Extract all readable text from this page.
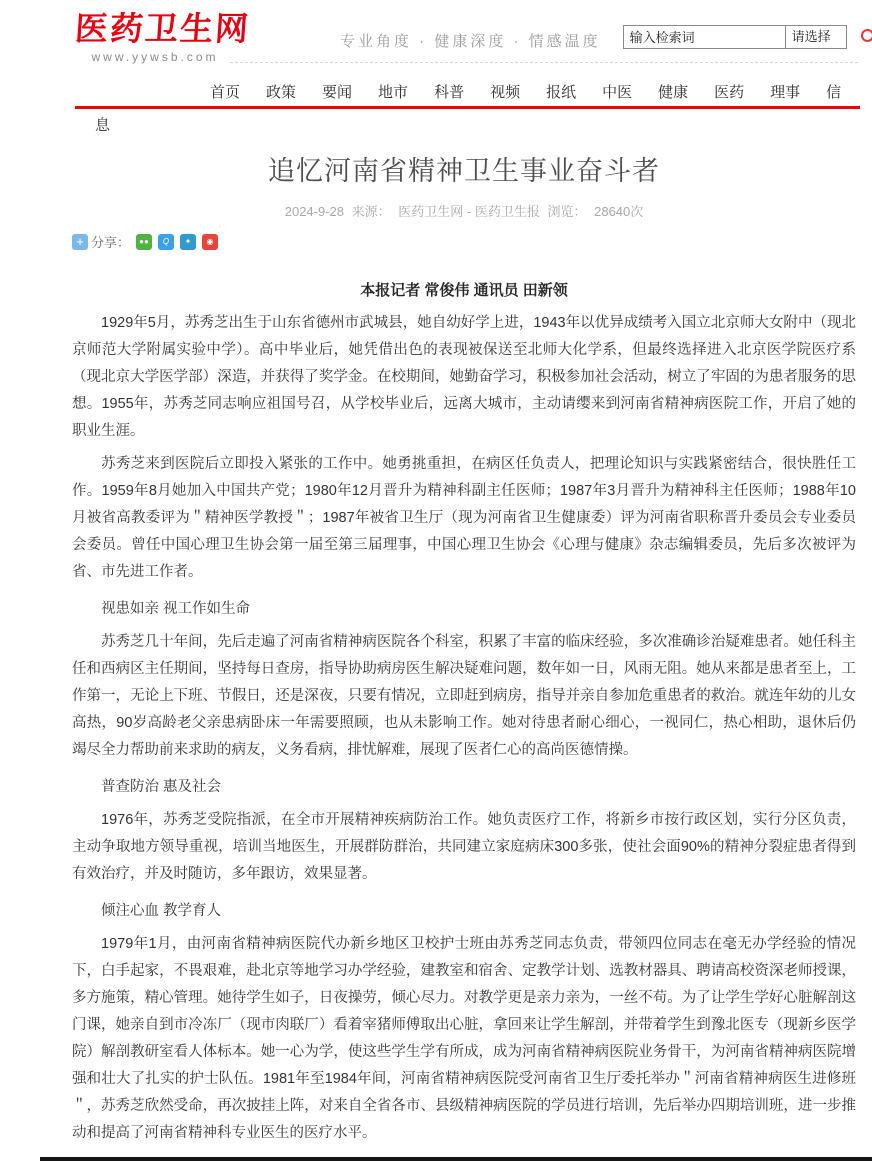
医药卫生网
www.yywsb.com
专业角度 · 健康深度 · 情感温度
输入检索词	请选择
首页 政策 要闻 地市 科普 视频 报纸 中医 健康 医药 理事 信息
追忆河南省精神卫生事业奋斗者
2024-9-28 来源： 医药卫生网 - 医药卫生报 浏览： 28640次
+ 分享： ●● Q ✦ ◉
本报记者 常俊伟 通讯员 田新领

1929年5月，苏秀芝出生于山东省德州市武城县，她自幼好学上进，1943年以优异成绩考入国立北京师大女附中（现北京师范大学附属实验中学）。高中毕业后，她凭借出色的表现被保送至北师大化学系，但最终选择进入北京医学院医疗系（现北京大学医学部）深造，并获得了奖学金。在校期间，她勤奋学习，积极参加社会活动，树立了牢固的为患者服务的思想。1955年，苏秀芝同志响应祖国号召，从学校毕业后，远离大城市，主动请缨来到河南省精神病医院工作，开启了她的职业生涯。

苏秀芝来到医院后立即投入紧张的工作中。她勇挑重担，在病区任负责人，把理论知识与实践紧密结合，很快胜任工作。1959年8月她加入中国共产党；1980年12月晋升为精神科副主任医师；1987年3月晋升为精神科主任医师；1988年10月被省高教委评为＂精神医学教授＂；1987年被省卫生厅（现为河南省卫生健康委）评为河南省职称晋升委员会专业委员会委员。曾任中国心理卫生协会第一届至第三届理事，中国心理卫生协会《心理与健康》杂志编辑委员，先后多次被评为省、市先进工作者。

视患如亲 视工作如生命

苏秀芝几十年间，先后走遍了河南省精神病医院各个科室，积累了丰富的临床经验，多次准确诊治疑难患者。她任科主任和西病区主任期间，坚持每日查房，指导协助病房医生解决疑难问题，数年如一日，风雨无阻。她从来都是患者至上，工作第一，无论上下班、节假日，还是深夜，只要有情况，立即赶到病房，指导并亲自参加危重患者的救治。就连年幼的儿女高热，90岁高龄老父亲患病卧床一年需要照顾，也从未影响工作。她对待患者耐心细心，一视同仁，热心相助，退休后仍竭尽全力帮助前来求助的病友，义务看病，排忧解难，展现了医者仁心的高尚医德情操。

普查防治 惠及社会

1976年，苏秀芝受院指派，在全市开展精神疾病防治工作。她负责医疗工作，将新乡市按行政区划，实行分区负责，主动争取地方领导重视，培训当地医生，开展群防群治，共同建立家庭病床300多张，使社会面90%的精神分裂症患者得到有效治疗，并及时随访，多年跟访，效果显著。

倾注心血 教学育人

1979年1月，由河南省精神病医院代办新乡地区卫校护士班由苏秀芝同志负责，带领四位同志在毫无办学经验的情况下，白手起家，不畏艰难，赴北京等地学习办学经验，建教室和宿舍、定教学计划、选教材器具、聘请高校资深老师授课，多方施策，精心管理。她待学生如子，日夜操劳，倾心尽力。对教学更是亲力亲为，一丝不苟。为了让学生学好心脏解剖这门课，她亲自到市冷冻厂（现市肉联厂）看着宰猪师傅取出心脏，拿回来让学生解剖，并带着学生到豫北医专（现新乡医学院）解剖教研室看人体标本。她一心为学，使这些学生学有所成，成为河南省精神病医院业务骨干，为河南省精神病医院增强和壮大了扎实的护士队伍。1981年至1984年间，河南省精神病医院受河南省卫生厅委托举办＂河南省精神病医生进修班＂，苏秀芝欣然受命，再次披挂上阵，对来自全省各市、县级精神病医院的学员进行培训，先后举办四期培训班，进一步推动和提高了河南省精神科专业医生的医疗水平。
